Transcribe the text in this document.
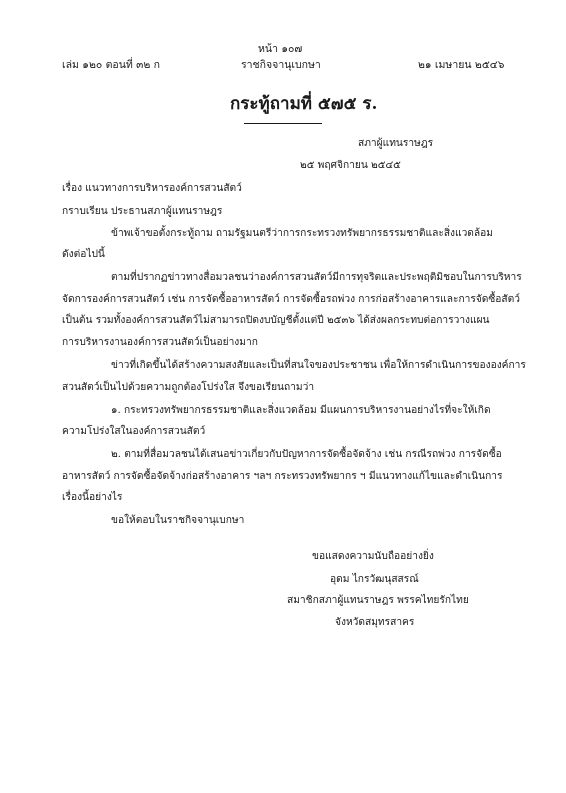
หน้า ๑๐๗
เล่ม ๑๒๐ ตอนที่ ๓๒ ก	ราชกิจจานุเบกษา	๒๑ เมษายน ๒๕๔๖
กระทู้ถามที่ ๕๗๕ ร.
สภาผู้แทนราษฎร
๒๕ พฤศจิกายน ๒๕๔๕
เรื่อง แนวทางการบริหารองค์การสวนสัตว์
กราบเรียน ประธานสภาผู้แทนราษฎร
ข้าพเจ้าขอตั้งกระทู้ถาม ถามรัฐมนตรีว่าการกระทรวงทรัพยากรธรรมชาติและสิ่งแวดล้อม
ดังต่อไปนี้
ตามที่ปรากฏข่าวทางสื่อมวลชนว่าองค์การสวนสัตว์มีการทุจริตและประพฤติมิชอบในการบริหาร
จัดการองค์การสวนสัตว์ เช่น การจัดซื้ออาหารสัตว์ การจัดซื้อรถพ่วง การก่อสร้างอาคารและการจัดซื้อสัตว์
เป็นต้น รวมทั้งองค์การสวนสัตว์ไม่สามารถปิดงบบัญชีตั้งแต่ปี ๒๕๓๖ ได้ส่งผลกระทบต่อการวางแผน
การบริหารงานองค์การสวนสัตว์เป็นอย่างมาก
ข่าวที่เกิดขึ้นได้สร้างความสงสัยและเป็นที่สนใจของประชาชน เพื่อให้การดำเนินการขององค์การ
สวนสัตว์เป็นไปด้วยความถูกต้องโปร่งใส จึงขอเรียนถามว่า
๑. กระทรวงทรัพยากรธรรมชาติและสิ่งแวดล้อม มีแผนการบริหารงานอย่างไรที่จะให้เกิด
ความโปร่งใสในองค์การสวนสัตว์
๒. ตามที่สื่อมวลชนได้เสนอข่าวเกี่ยวกับปัญหาการจัดซื้อจัดจ้าง เช่น กรณีรถพ่วง การจัดซื้อ
อาหารสัตว์ การจัดซื้อจัดจ้างก่อสร้างอาคาร ฯลฯ กระทรวงทรัพยากร ฯ มีแนวทางแก้ไขและดำเนินการ
เรื่องนี้อย่างไร
ขอให้ตอบในราชกิจจานุเบกษา
ขอแสดงความนับถืออย่างยิ่ง
อุดม ไกรวัฒนุสสรณ์
สมาชิกสภาผู้แทนราษฎร พรรคไทยรักไทย
จังหวัดสมุทรสาคร
